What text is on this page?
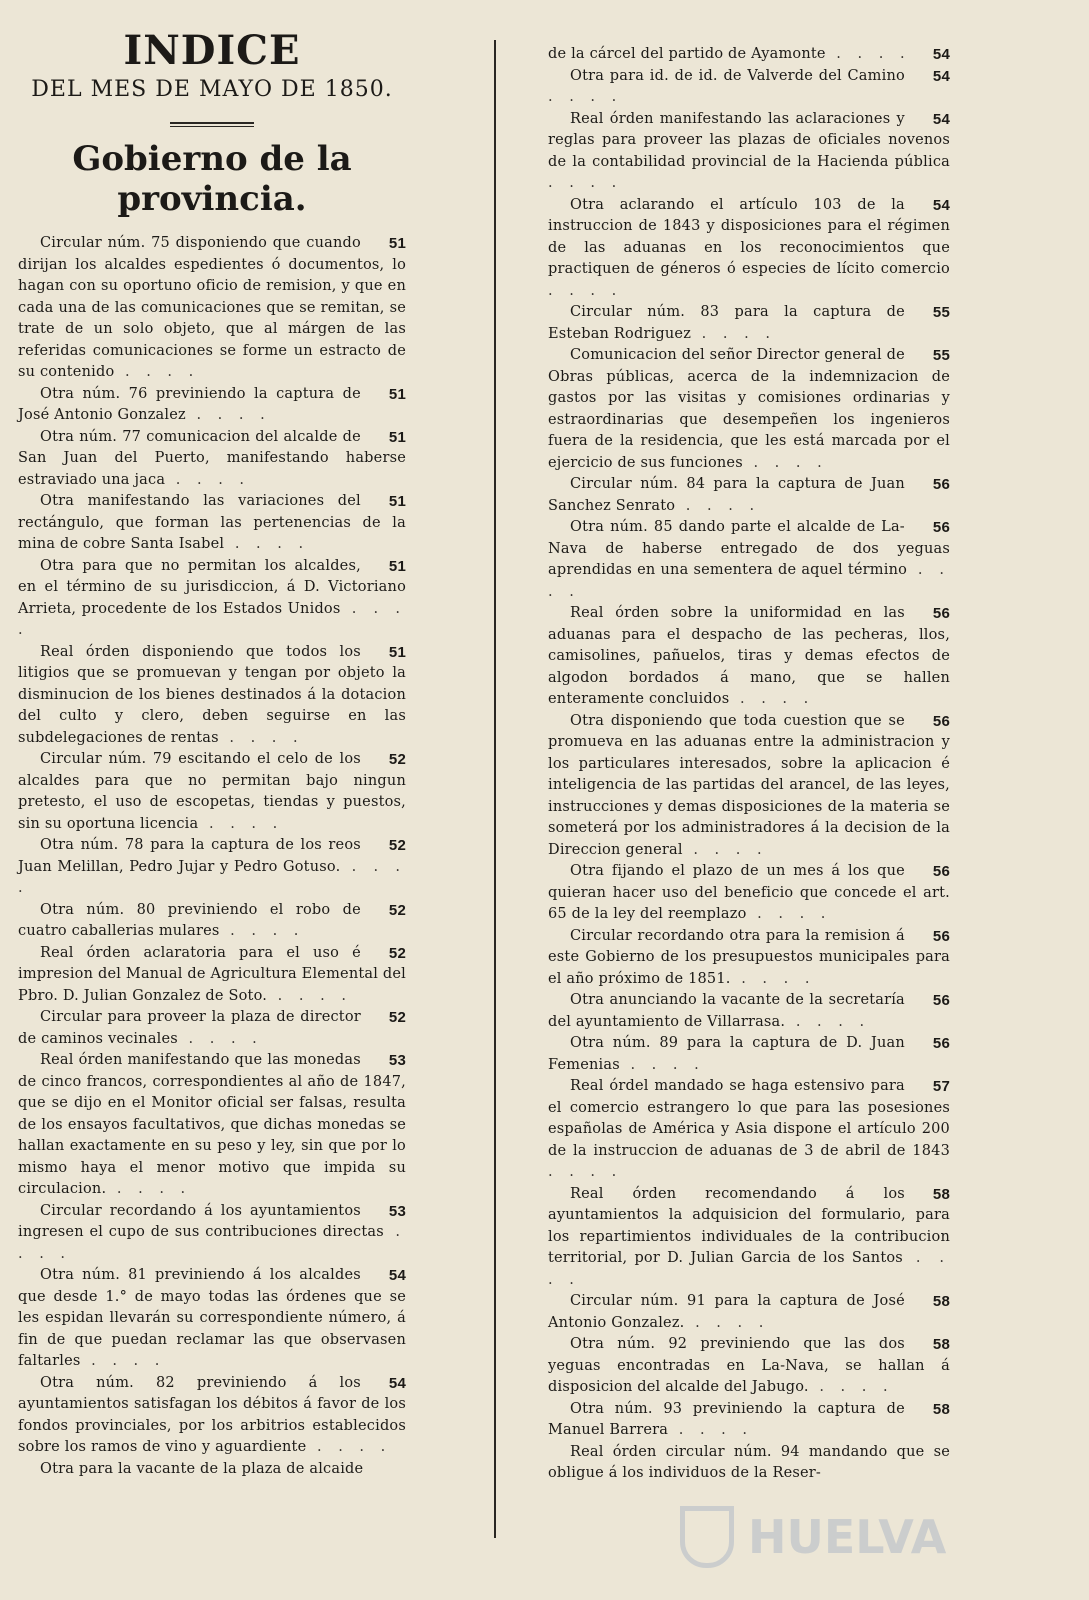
INDICE

DEL MES DE MAYO DE 1850.

Gobierno de la provincia.
51
Circular núm. 75 disponiendo que cuando dirijan los alcaldes espedientes ó documentos, lo hagan con su oportuno oficio de remision, y que en cada una de las comunicaciones que se remitan, se trate de un solo objeto, que al márgen de las referidas comunicaciones se forme un estracto de su contenido . . . .
51
Otra núm. 76 previniendo la captura de José Antonio Gonzalez . . . .
51
Otra núm. 77 comunicacion del alcalde de San Juan del Puerto, manifestando haberse estraviado una jaca . . . .
51
Otra manifestando las variaciones del rectángulo, que forman las pertenencias de la mina de cobre Santa Isabel . . . .
51
Otra para que no permitan los alcaldes, en el término de su jurisdiccion, á D. Victoriano Arrieta, procedente de los Estados Unidos . . . .
51
Real órden disponiendo que todos los litigios que se promuevan y tengan por objeto la disminucion de los bienes destinados á la dotacion del culto y clero, deben seguirse en las subdelegaciones de rentas . . . .
52
Circular núm. 79 escitando el celo de los alcaldes para que no permitan bajo ningun pretesto, el uso de escopetas, tiendas y puestos, sin su oportuna licencia . . . .
52
Otra núm. 78 para la captura de los reos Juan Melillan, Pedro Jujar y Pedro Gotuso. . . . .
52
Otra núm. 80 previniendo el robo de cuatro caballerias mulares . . . .
52
Real órden aclaratoria para el uso é impresion del Manual de Agricultura Elemental del Pbro. D. Julian Gonzalez de Soto. . . . .
52
Circular para proveer la plaza de director de caminos vecinales . . . .
53
Real órden manifestando que las monedas de cinco francos, correspondientes al año de 1847, que se dijo en el Monitor oficial ser falsas, resulta de los ensayos facultativos, que dichas monedas se hallan exactamente en su peso y ley, sin que por lo mismo haya el menor motivo que impida su circulacion. . . . .
53
Circular recordando á los ayuntamientos ingresen el cupo de sus contribuciones directas . . . .
54
Otra núm. 81 previniendo á los alcaldes que desde 1.° de mayo todas las órdenes que se les espidan llevarán su correspondiente número, á fin de que puedan reclamar las que observasen faltarles . . . .
54
Otra núm. 82 previniendo á los ayuntamientos satisfagan los débitos á favor de los fondos provinciales, por los arbitrios establecidos sobre los ramos de vino y aguardiente . . . .
Otra para la vacante de la plaza de alcaide
54
de la cárcel del partido de Ayamonte . . . .
54
Otra para id. de id. de Valverde del Camino . . . .
54
Real órden manifestando las aclaraciones y reglas para proveer las plazas de oficiales novenos de la contabilidad provincial de la Hacienda pública . . . .
54
Otra aclarando el artículo 103 de la instruccion de 1843 y disposiciones para el régimen de las aduanas en los reconocimientos que practiquen de géneros ó especies de lícito comercio . . . .
55
Circular núm. 83 para la captura de Esteban Rodriguez . . . .
55
Comunicacion del señor Director general de Obras públicas, acerca de la indemnizacion de gastos por las visitas y comisiones ordinarias y estraordinarias que desempeñen los ingenieros fuera de la residencia, que les está marcada por el ejercicio de sus funciones . . . .
56
Circular núm. 84 para la captura de Juan Sanchez Senrato . . . .
56
Otra núm. 85 dando parte el alcalde de La-Nava de haberse entregado de dos yeguas aprendidas en una sementera de aquel término . . . .
56
Real órden sobre la uniformidad en las aduanas para el despacho de las pecheras, llos, camisolines, pañuelos, tiras y demas efectos de algodon bordados á mano, que se hallen enteramente concluidos . . . .
56
Otra disponiendo que toda cuestion que se promueva en las aduanas entre la administracion y los particulares interesados, sobre la aplicacion é inteligencia de las partidas del arancel, de las leyes, instrucciones y demas disposiciones de la materia se someterá por los administradores á la decision de la Direccion general . . . .
56
Otra fijando el plazo de un mes á los que quieran hacer uso del beneficio que concede el art. 65 de la ley del reemplazo . . . .
56
Circular recordando otra para la remision á este Gobierno de los presupuestos municipales para el año próximo de 1851. . . . .
56
Otra anunciando la vacante de la secretaría del ayuntamiento de Villarrasa. . . . .
56
Otra núm. 89 para la captura de D. Juan Femenias . . . .
57
Real órdel mandado se haga estensivo para el comercio estrangero lo que para las posesiones españolas de América y Asia dispone el artículo 200 de la instruccion de aduanas de 3 de abril de 1843 . . . .
58
Real órden recomendando á los ayuntamientos la adquisicion del formulario, para los repartimientos individuales de la contribucion territorial, por D. Julian Garcia de los Santos . . . .
58
Circular núm. 91 para la captura de José Antonio Gonzalez. . . . .
58
Otra núm. 92 previniendo que las dos yeguas encontradas en La-Nava, se hallan á disposicion del alcalde del Jabugo. . . . .
58
Otra núm. 93 previniendo la captura de Manuel Barrera . . . .
Real órden circular núm. 94 mandando que se obligue á los individuos de la Reser-
HUELVA
